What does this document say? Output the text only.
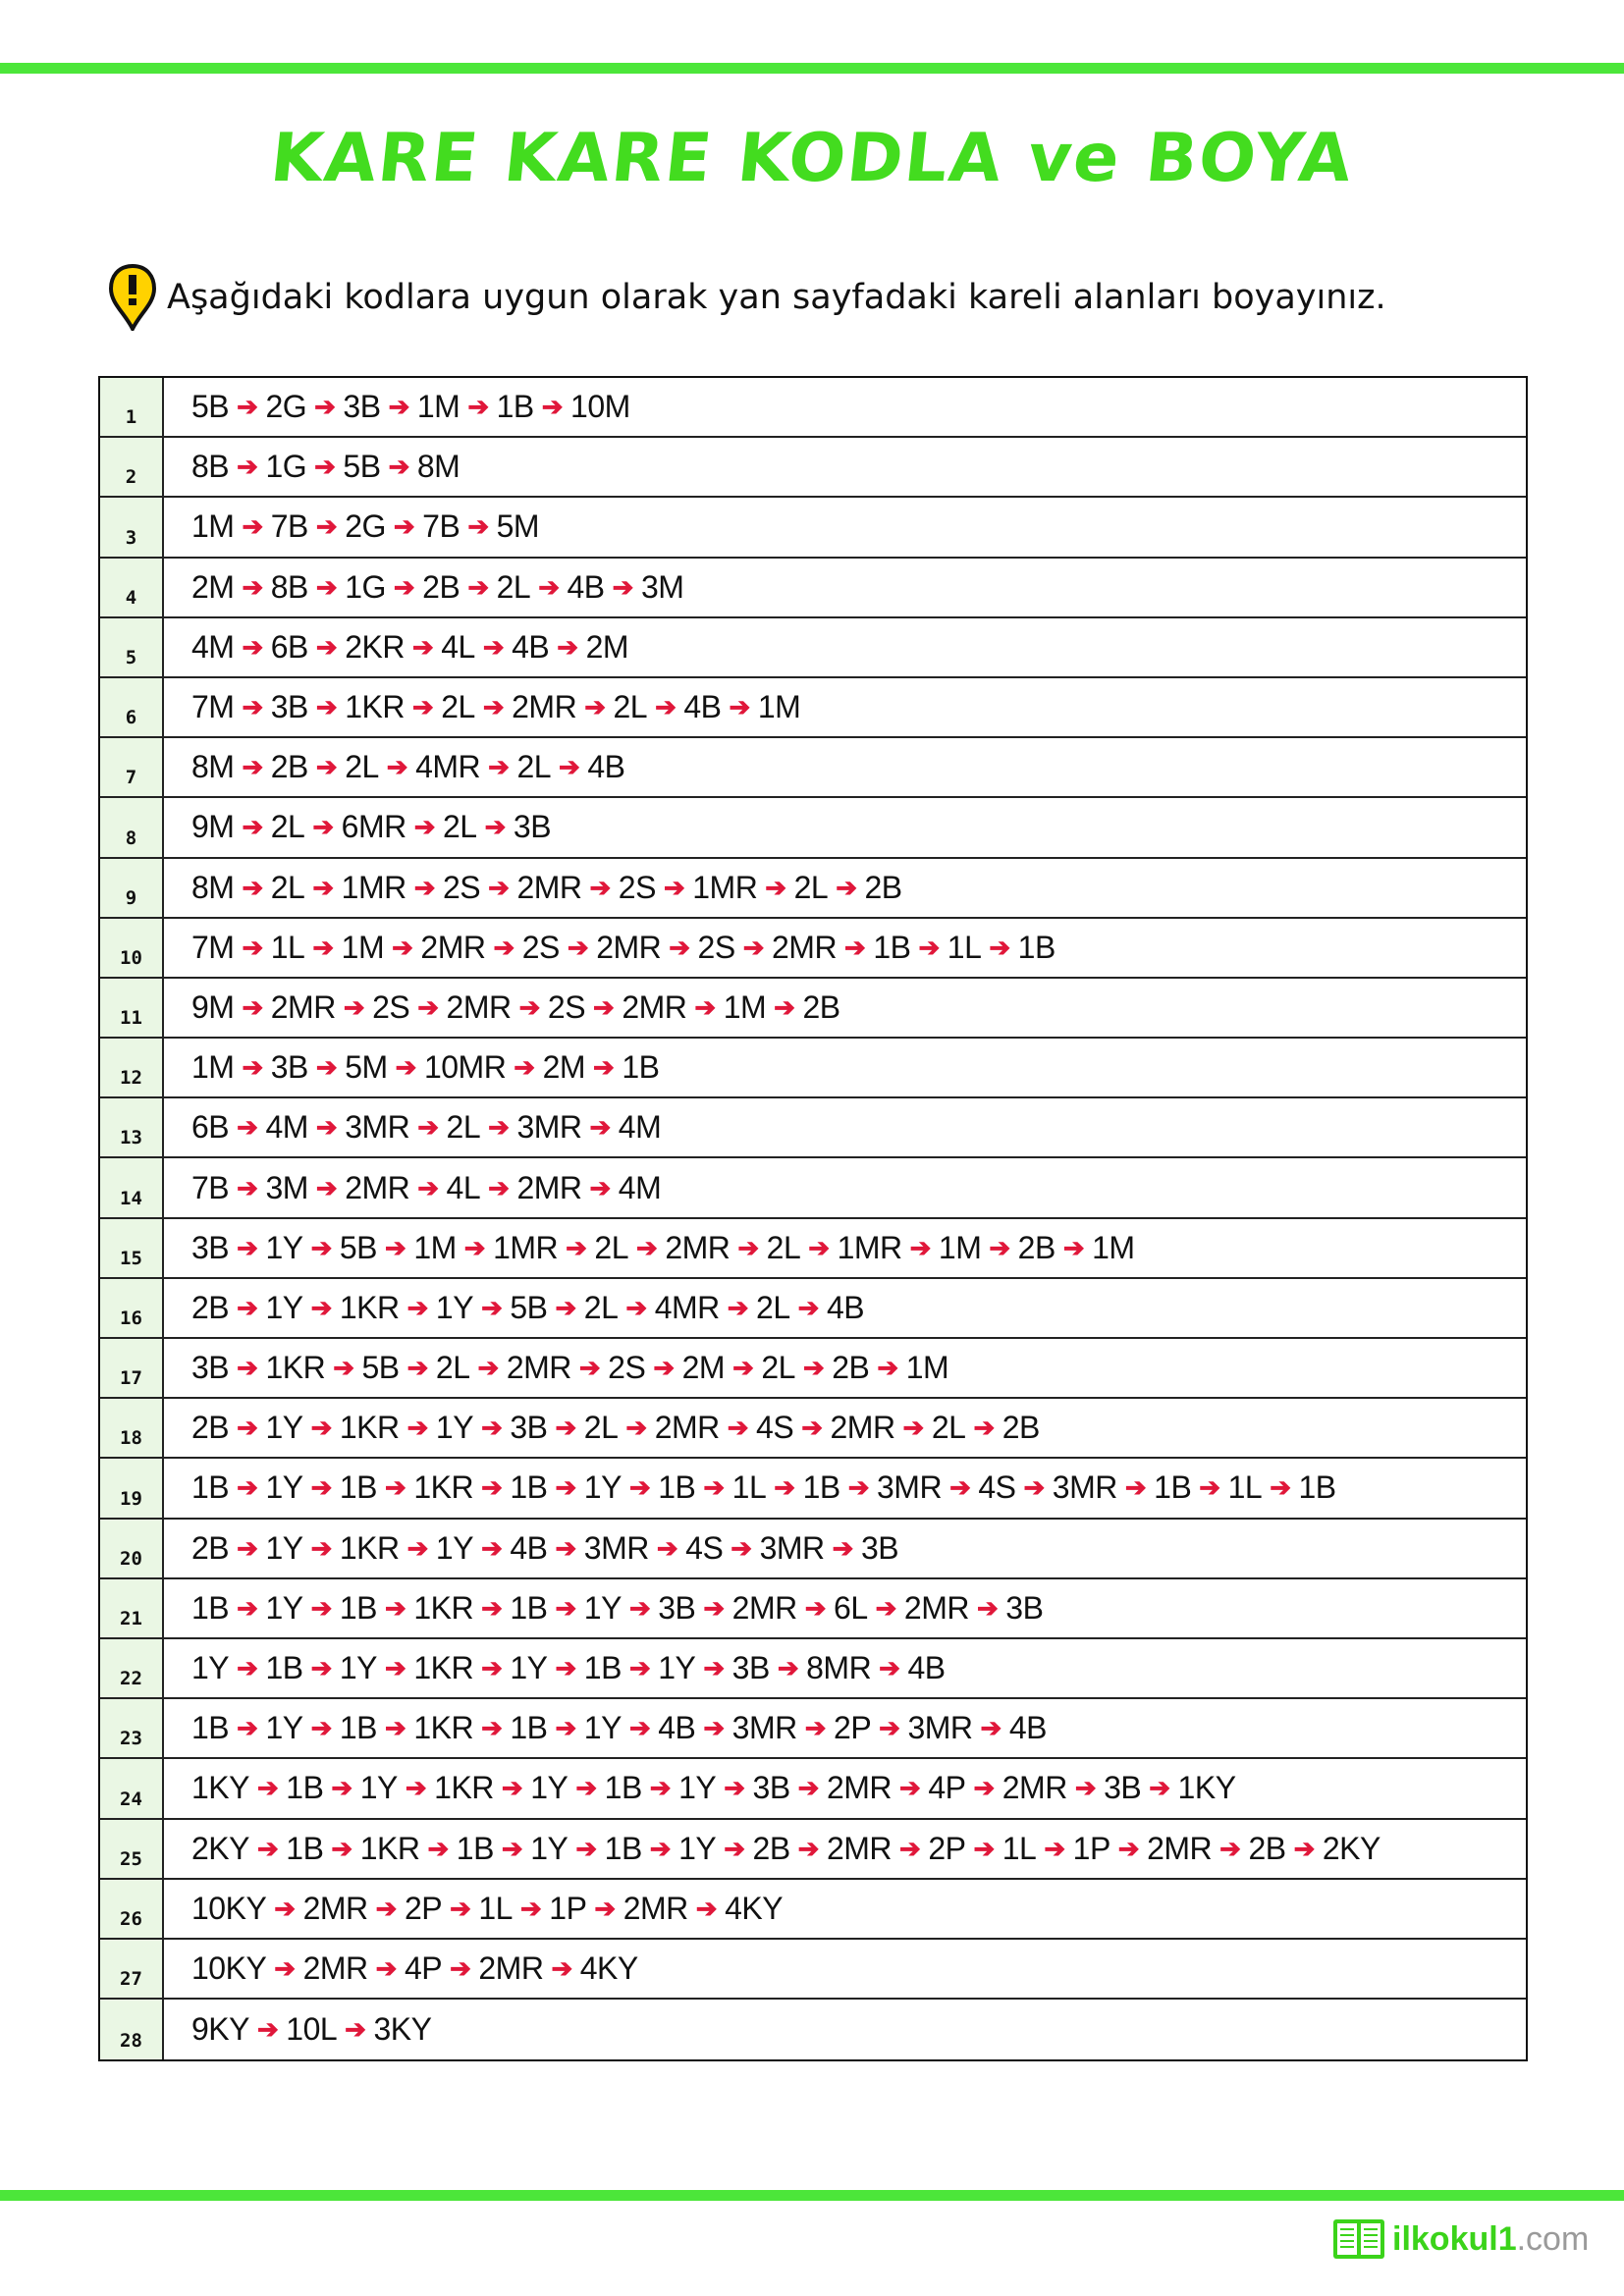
KARE KARE KODLA ve BOYA
Aşağıdaki kodlara uygun olarak yan sayfadaki kareli alanları boyayınız.
1	5B ➔ 2G ➔ 3B ➔ 1M ➔ 1B ➔ 10M
2	8B ➔ 1G ➔ 5B ➔ 8M
3	1M ➔ 7B ➔ 2G ➔ 7B ➔ 5M
4	2M ➔ 8B ➔ 1G ➔ 2B ➔ 2L ➔ 4B ➔ 3M
5	4M ➔ 6B ➔ 2KR ➔ 4L ➔ 4B ➔ 2M
6	7M ➔ 3B ➔ 1KR ➔ 2L ➔ 2MR ➔ 2L ➔ 4B ➔ 1M
7	8M ➔ 2B ➔ 2L ➔ 4MR ➔ 2L ➔ 4B
8	9M ➔ 2L ➔ 6MR ➔ 2L ➔ 3B
9	8M ➔ 2L ➔ 1MR ➔ 2S ➔ 2MR ➔ 2S ➔ 1MR ➔ 2L ➔ 2B
10	7M ➔ 1L ➔ 1M ➔ 2MR ➔ 2S ➔ 2MR ➔ 2S ➔ 2MR ➔ 1B ➔ 1L ➔ 1B
11	9M ➔ 2MR ➔ 2S ➔ 2MR ➔ 2S ➔ 2MR ➔ 1M ➔ 2B
12	1M ➔ 3B ➔ 5M ➔ 10MR ➔ 2M ➔ 1B
13	6B ➔ 4M ➔ 3MR ➔ 2L ➔ 3MR ➔ 4M
14	7B ➔ 3M ➔ 2MR ➔ 4L ➔ 2MR ➔ 4M
15	3B ➔ 1Y ➔ 5B ➔ 1M ➔ 1MR ➔ 2L ➔ 2MR ➔ 2L ➔ 1MR ➔ 1M ➔ 2B ➔ 1M
16	2B ➔ 1Y ➔ 1KR ➔ 1Y ➔ 5B ➔ 2L ➔ 4MR ➔ 2L ➔ 4B
17	3B ➔ 1KR ➔ 5B ➔ 2L ➔ 2MR ➔ 2S ➔ 2M ➔ 2L ➔ 2B ➔ 1M
18	2B ➔ 1Y ➔ 1KR ➔ 1Y ➔ 3B ➔ 2L ➔ 2MR ➔ 4S ➔ 2MR ➔ 2L ➔ 2B
19	1B ➔ 1Y ➔ 1B ➔ 1KR ➔ 1B ➔ 1Y ➔ 1B ➔ 1L ➔ 1B ➔ 3MR ➔ 4S ➔ 3MR ➔ 1B ➔ 1L ➔ 1B
20	2B ➔ 1Y ➔ 1KR ➔ 1Y ➔ 4B ➔ 3MR ➔ 4S ➔ 3MR ➔ 3B
21	1B ➔ 1Y ➔ 1B ➔ 1KR ➔ 1B ➔ 1Y ➔ 3B ➔ 2MR ➔ 6L ➔ 2MR ➔ 3B
22	1Y ➔ 1B ➔ 1Y ➔ 1KR ➔ 1Y ➔ 1B ➔ 1Y ➔ 3B ➔ 8MR ➔ 4B
23	1B ➔ 1Y ➔ 1B ➔ 1KR ➔ 1B ➔ 1Y ➔ 4B ➔ 3MR ➔ 2P ➔ 3MR ➔ 4B
24	1KY ➔ 1B ➔ 1Y ➔ 1KR ➔ 1Y ➔ 1B ➔ 1Y ➔ 3B ➔ 2MR ➔ 4P ➔ 2MR ➔ 3B ➔ 1KY
25	2KY ➔ 1B ➔ 1KR ➔ 1B ➔ 1Y ➔ 1B ➔ 1Y ➔ 2B ➔ 2MR ➔ 2P ➔ 1L ➔ 1P ➔ 2MR ➔ 2B ➔ 2KY
26	10KY ➔ 2MR ➔ 2P ➔ 1L ➔ 1P ➔ 2MR ➔ 4KY
27	10KY ➔ 2MR ➔ 4P ➔ 2MR ➔ 4KY
28	9KY ➔ 10L ➔ 3KY
ilkokul1.com
